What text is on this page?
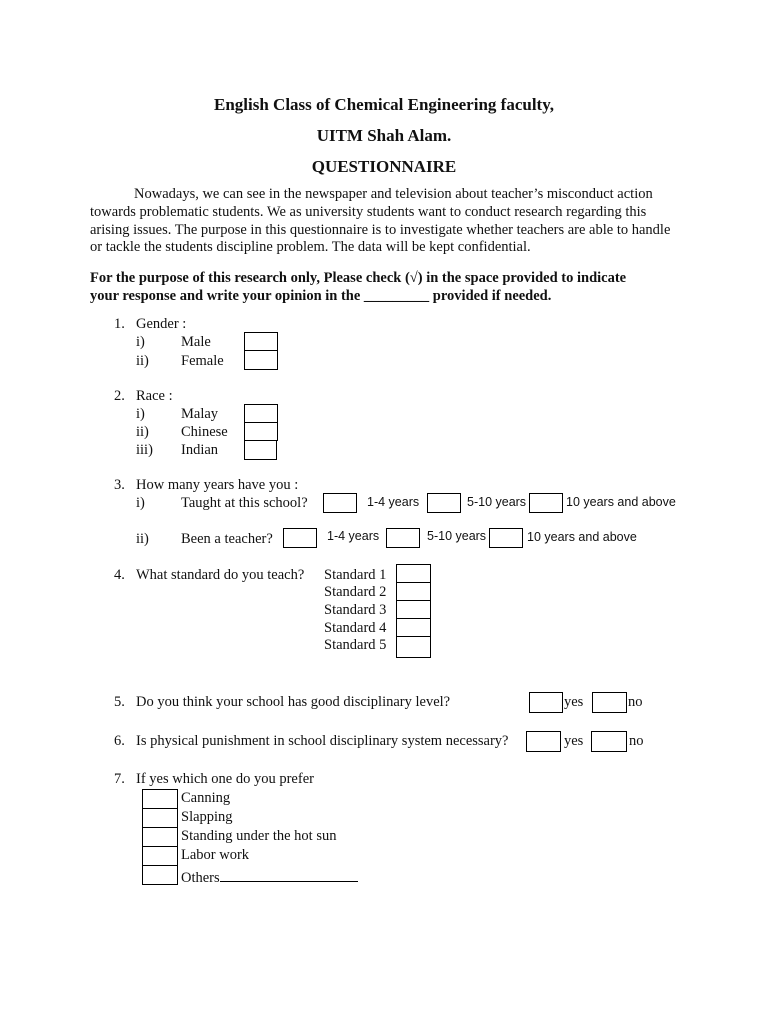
English Class of Chemical Engineering faculty,
UITM Shah Alam.
QUESTIONNAIRE
Nowadays, we can see in the newspaper and television about teacher’s misconduct action towards problematic students. We as university students want to conduct research regarding this arising issues. The purpose in this questionnaire is to investigate whether teachers are able to handle or tackle the students discipline problem. The data will be kept confidential.
For the purpose of this research only, Please check (√) in the space provided to indicate
your response and write your opinion in the _________ provided if needed.
1. Gender :
i) Male
ii) Female
2. Race :
i) Malay
ii) Chinese
iii) Indian
3. How many years have you :
i) Taught at this school?	1-4 years	5-10 years	10 years and above
ii) Been a teacher?	1-4 years	5-10 years	10 years and above
4. What standard do you teach? Standard 1
Standard 2
Standard 3
Standard 4
Standard 5
5. Do you think your school has good disciplinary level?	yes	no
6. Is physical punishment in school disciplinary system necessary?	yes	no
7. If yes which one do you prefer
Canning
Slapping
Standing under the hot sun
Labor work
Others
